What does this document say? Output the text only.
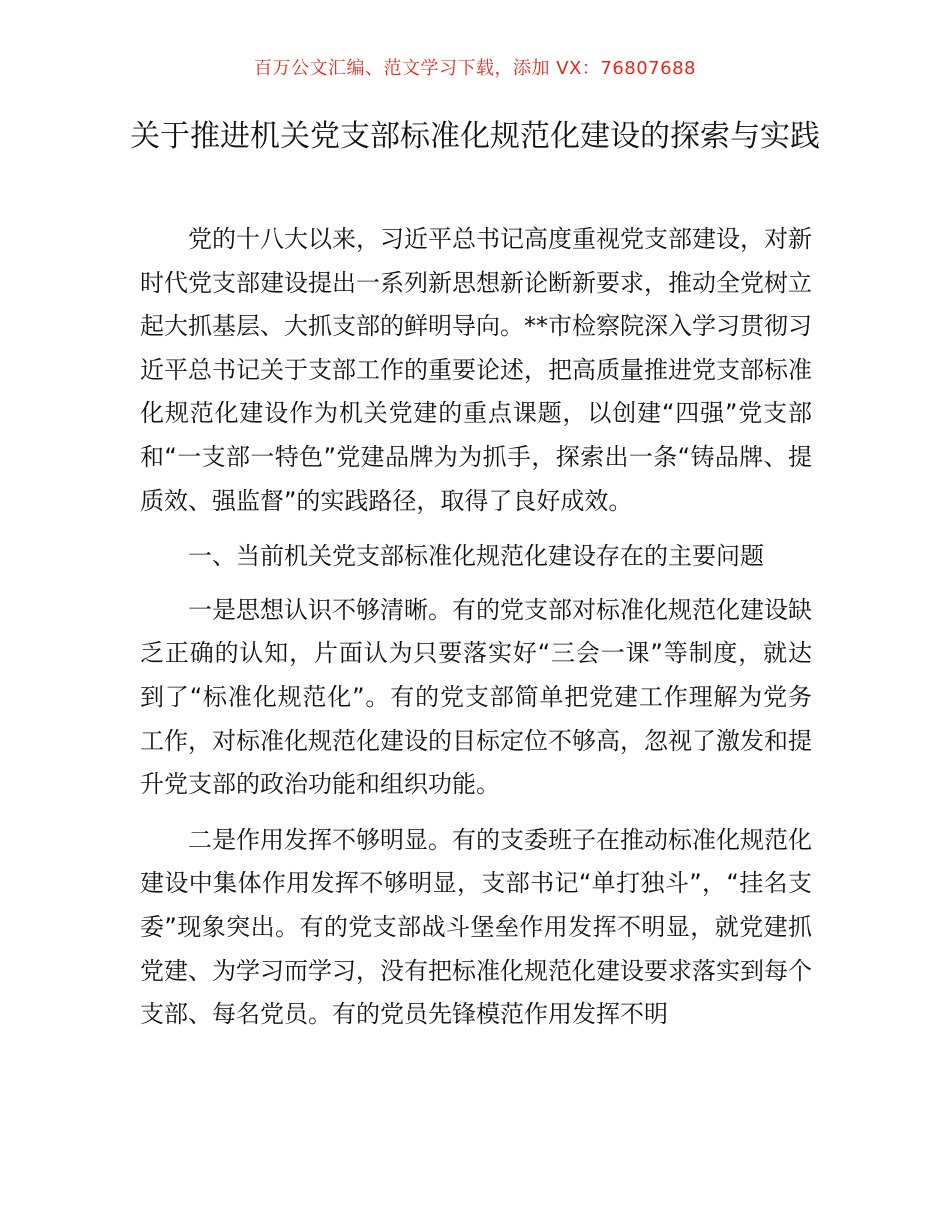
百万公文汇编、范文学习下载，添加 VX：76807688
关于推进机关党支部标准化规范化建设的探索与实践

党的十八大以来，习近平总书记高度重视党支部建设，对新时代党支部建设提出一系列新思想新论断新要求，推动全党树立起大抓基层、大抓支部的鲜明导向。**市检察院深入学习贯彻习近平总书记关于支部工作的重要论述，把高质量推进党支部标准化规范化建设作为机关党建的重点课题，以创建“四强”党支部和“一支部一特色”党建品牌为为抓手，探索出一条“铸品牌、提质效、强监督”的实践路径，取得了良好成效。

一、当前机关党支部标准化规范化建设存在的主要问题

一是思想认识不够清晰。有的党支部对标准化规范化建设缺乏正确的认知，片面认为只要落实好“三会一课”等制度，就达到了“标准化规范化”。有的党支部简单把党建工作理解为党务工作，对标准化规范化建设的目标定位不够高，忽视了激发和提升党支部的政治功能和组织功能。

二是作用发挥不够明显。有的支委班子在推动标准化规范化建设中集体作用发挥不够明显，支部书记“单打独斗”，“挂名支委”现象突出。有的党支部战斗堡垒作用发挥不明显，就党建抓党建、为学习而学习，没有把标准化规范化建设要求落实到每个支部、每名党员。有的党员先锋模范作用发挥不明
